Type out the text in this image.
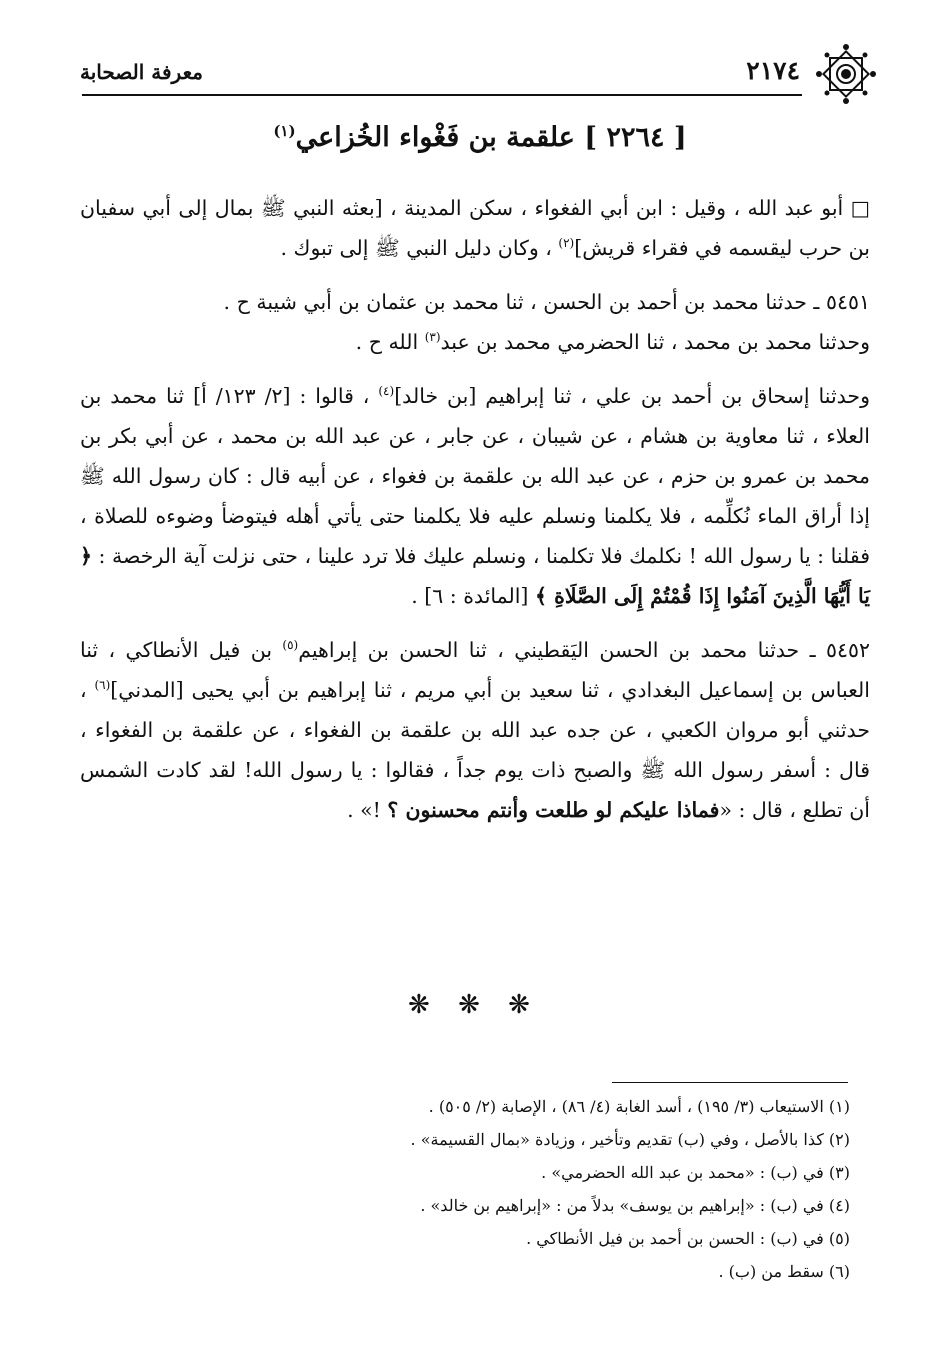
٢١٧٤
معرفة الصحابة
[ ٢٢٦٤ ] علقمة بن فَغْواء الخُزاعي$^{(١)}$

□ أبو عبد الله ، وقيل : ابن أبي الفغواء ، سكن المدينة ، [بعثه النبي ﷺ بمال إلى أبي سفيان بن حرب ليقسمه في فقراء قريش]$^{(٢)}$ ، وكان دليل النبي ﷺ إلى تبوك .

٥٤٥١ ـ حدثنا محمد بن أحمد بن الحسن ، ثنا محمد بن عثمان بن أبي شيبة ح .

وحدثنا محمد بن محمد ، ثنا الحضرمي محمد بن عبد$^{(٣)}$ الله ح .

وحدثنا إسحاق بن أحمد بن علي ، ثنا إبراهيم [بن خالد]$^{(٤)}$ ، قالوا : [٢/ ١٢٣/ أ] ثنا محمد بن العلاء ، ثنا معاوية بن هشام ، عن شيبان ، عن جابر ، عن عبد الله بن محمد ، عن أبي بكر بن محمد بن عمرو بن حزم ، عن عبد الله بن علقمة بن فغواء ، عن أبيه قال : كان رسول الله ﷺ إذا أراق الماء نُكلِّمه ، فلا يكلمنا ونسلم عليه فلا يكلمنا حتى يأتي أهله فيتوضأ وضوءه للصلاة ، فقلنا : يا رسول الله ! نكلمك فلا تكلمنا ، ونسلم عليك فلا ترد علينا ، حتى نزلت آية الرخصة : ﴿ يَا أَيُّهَا الَّذِينَ آمَنُوا إِذَا قُمْتُمْ إِلَى الصَّلَاةِ ﴾ [المائدة : ٦] .

٥٤٥٢ ـ حدثنا محمد بن الحسن اليَقطيني ، ثنا الحسن بن إبراهيم$^{(٥)}$ بن فيل الأنطاكي ، ثنا العباس بن إسماعيل البغدادي ، ثنا سعيد بن أبي مريم ، ثنا إبراهيم بن أبي يحيى [المدني]$^{(٦)}$ ، حدثني أبو مروان الكعبي ، عن جده عبد الله بن علقمة بن الفغواء ، عن علقمة بن الفغواء ، قال : أسفر رسول الله ﷺ والصبح ذات يوم جداً ، فقالوا : يا رسول الله! لقد كادت الشمس أن تطلع ، قال : «فماذا عليكم لو طلعت وأنتم محسنون ؟ !» .

❋ ❋ ❋
(١) الاستيعاب (٣/ ١٩٥) ، أسد الغابة (٤/ ٨٦) ، الإصابة (٢/ ٥٠٥) .
(٢) كذا بالأصل ، وفي (ب) تقديم وتأخير ، وزيادة «بمال القسيمة» .
(٣) في (ب) : «محمد بن عبد الله الحضرمي» .
(٤) في (ب) : «إبراهيم بن يوسف» بدلاً من : «إبراهيم بن خالد» .
(٥) في (ب) : الحسن بن أحمد بن فيل الأنطاكي .
(٦) سقط من (ب) .
